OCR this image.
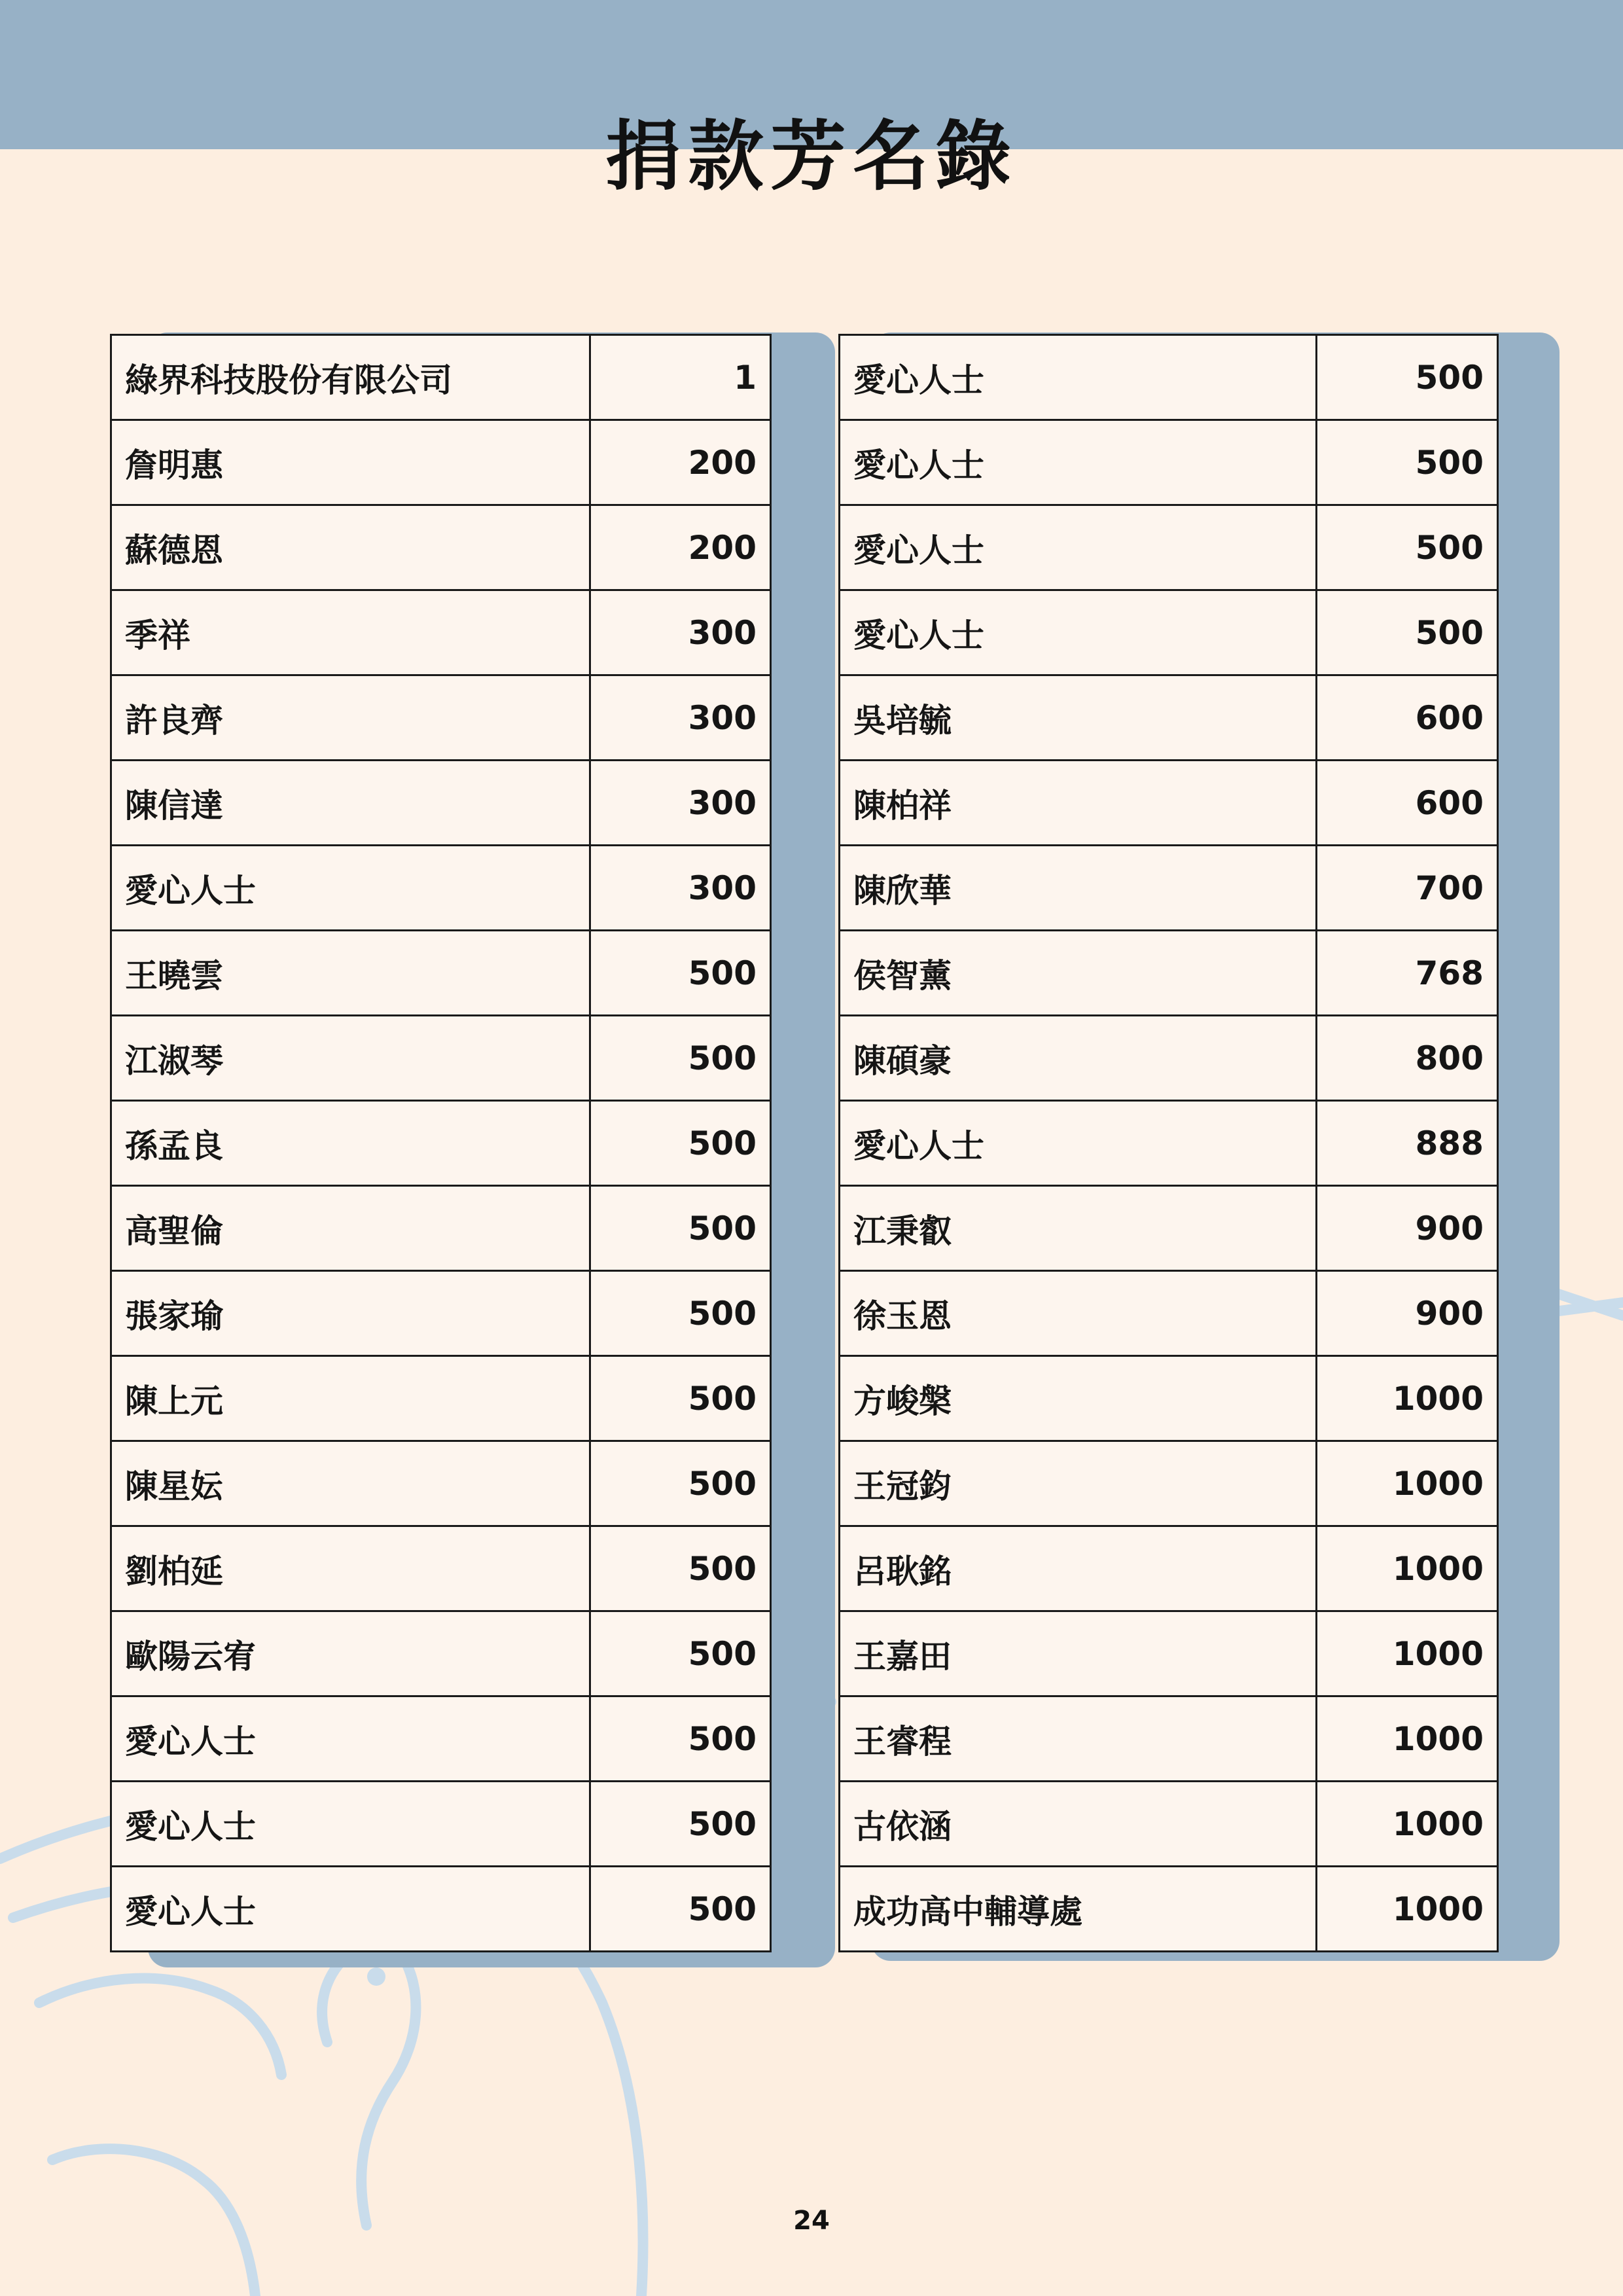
捐款芳名錄
綠界科技股份有限公司	1
詹明惠	200
蘇德恩	200
季祥	300
許良齊	300
陳信達	300
愛心人士	300
王曉雲	500
江淑琴	500
孫孟良	500
高聖倫	500
張家瑜	500
陳上元	500
陳星妘	500
劉柏延	500
歐陽云宥	500
愛心人士	500
愛心人士	500
愛心人士	500
愛心人士	500
愛心人士	500
愛心人士	500
愛心人士	500
吳培毓	600
陳柏祥	600
陳欣華	700
侯智薰	768
陳碩豪	800
愛心人士	888
江秉叡	900
徐玉恩	900
方峻槃	1000
王冠鈞	1000
呂耿銘	1000
王嘉田	1000
王睿程	1000
古依涵	1000
成功高中輔導處	1000
24
